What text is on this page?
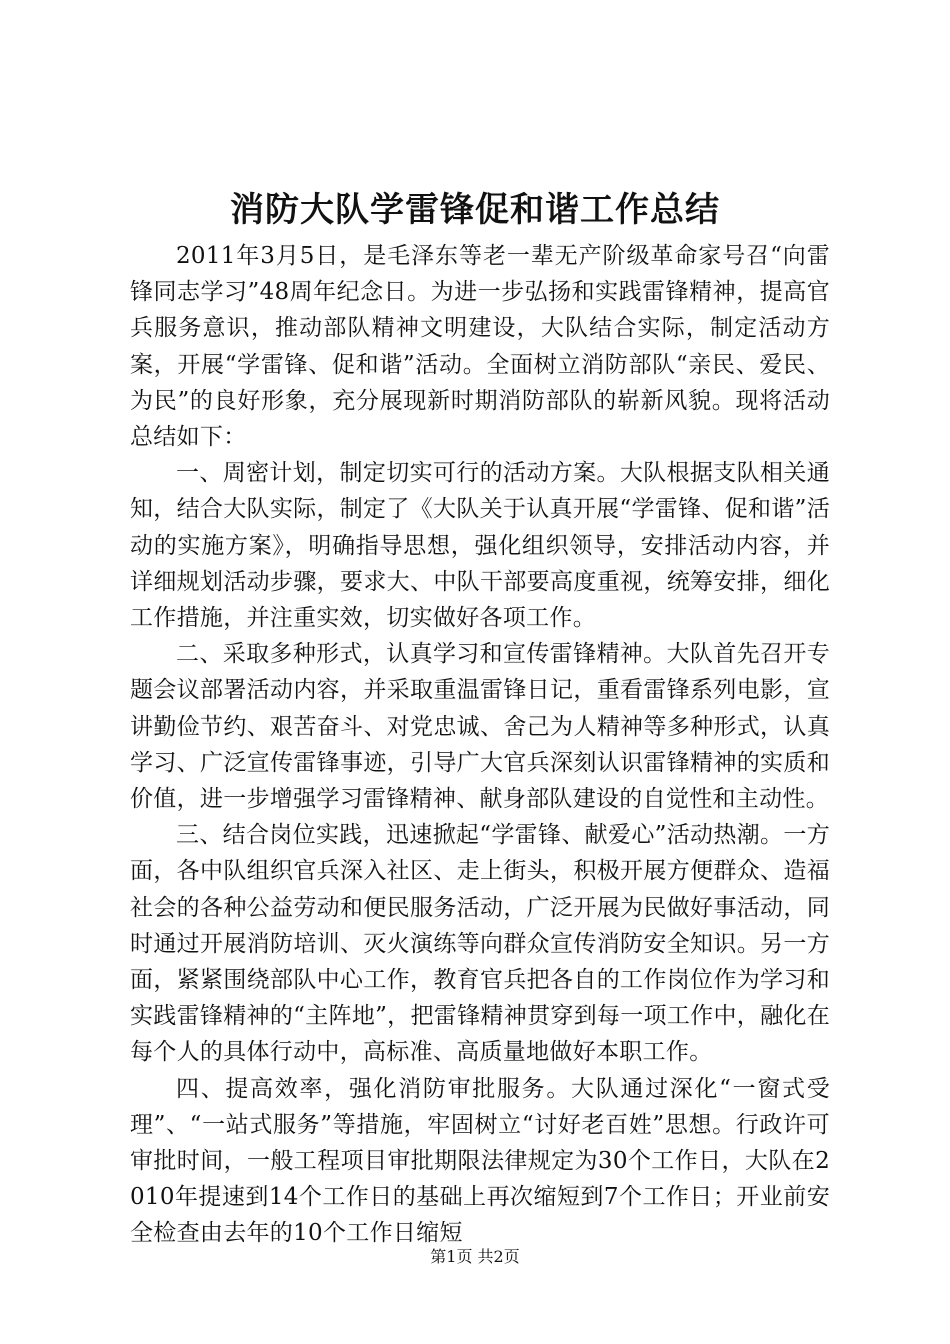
消防大队学雷锋促和谐工作总结

2011年3月5日，是毛泽东等老一辈无产阶级革命家号召“向雷锋同志学习”48周年纪念日。为进一步弘扬和实践雷锋精神，提高官兵服务意识，推动部队精神文明建设，大队结合实际，制定活动方案，开展“学雷锋、促和谐”活动。全面树立消防部队“亲民、爱民、为民”的良好形象，充分展现新时期消防部队的崭新风貌。现将活动总结如下：

一、周密计划，制定切实可行的活动方案。大队根据支队相关通知，结合大队实际，制定了《大队关于认真开展“学雷锋、促和谐”活动的实施方案》，明确指导思想，强化组织领导，安排活动内容，并详细规划活动步骤，要求大、中队干部要高度重视，统筹安排，细化工作措施，并注重实效，切实做好各项工作。

二、采取多种形式，认真学习和宣传雷锋精神。大队首先召开专题会议部署活动内容，并采取重温雷锋日记，重看雷锋系列电影，宣讲勤俭节约、艰苦奋斗、对党忠诚、舍己为人精神等多种形式，认真学习、广泛宣传雷锋事迹，引导广大官兵深刻认识雷锋精神的实质和价值，进一步增强学习雷锋精神、献身部队建设的自觉性和主动性。

三、结合岗位实践，迅速掀起“学雷锋、献爱心”活动热潮。一方面，各中队组织官兵深入社区、走上街头，积极开展方便群众、造福社会的各种公益劳动和便民服务活动，广泛开展为民做好事活动，同时通过开展消防培训、灭火演练等向群众宣传消防安全知识。另一方面，紧紧围绕部队中心工作，教育官兵把各自的工作岗位作为学习和实践雷锋精神的“主阵地”，把雷锋精神贯穿到每一项工作中，融化在每个人的具体行动中，高标准、高质量地做好本职工作。

四、提高效率，强化消防审批服务。大队通过深化“一窗式受理”、“一站式服务”等措施，牢固树立“讨好老百姓”思想。行政许可审批时间，一般工程项目审批期限法律规定为30个工作日，大队在2010年提速到14个工作日的基础上再次缩短到7个工作日；开业前安全检查由去年的10个工作日缩短

第1页 共2页
